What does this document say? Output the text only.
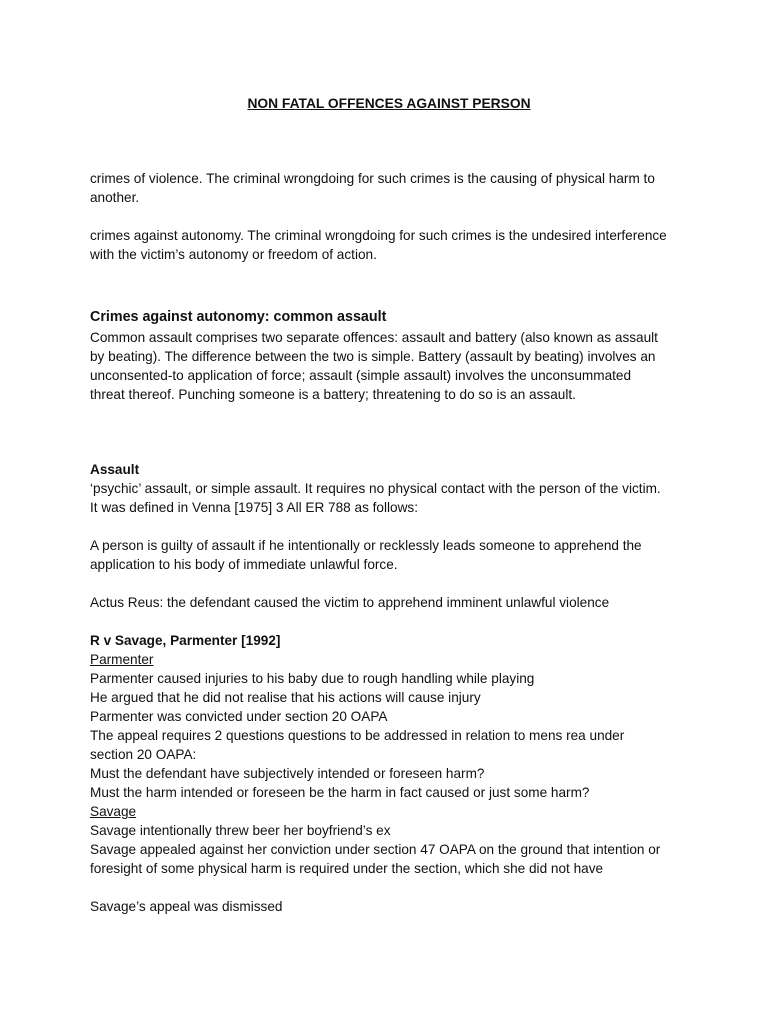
NON FATAL OFFENCES AGAINST PERSON

crimes of violence. The criminal wrongdoing for such crimes is the causing of physical harm to
another.

crimes against autonomy. The criminal wrongdoing for such crimes is the undesired interference
with the victim’s autonomy or freedom of action.

Crimes against autonomy: common assault
Common assault comprises two separate offences: assault and battery (also known as assault
by beating). The difference between the two is simple. Battery (assault by beating) involves an
unconsented-to application of force; assault (simple assault) involves the unconsummated
threat thereof. Punching someone is a battery; threatening to do so is an assault.

Assault
‘psychic’ assault, or simple assault. It requires no physical contact with the person of the victim.
It was defined in Venna [1975] 3 All ER 788 as follows:

A person is guilty of assault if he intentionally or recklessly leads someone to apprehend the
application to his body of immediate unlawful force.

Actus Reus: the defendant caused the victim to apprehend imminent unlawful violence

R v Savage, Parmenter [1992]
Parmenter
Parmenter caused injuries to his baby due to rough handling while playing
He argued that he did not realise that his actions will cause injury
Parmenter was convicted under section 20 OAPA
The appeal requires 2 questions questions to be addressed in relation to mens rea under
section 20 OAPA:
Must the defendant have subjectively intended or foreseen harm?
Must the harm intended or foreseen be the harm in fact caused or just some harm?
Savage
Savage intentionally threw beer her boyfriend’s ex
Savage appealed against her conviction under section 47 OAPA on the ground that intention or
foresight of some physical harm is required under the section, which she did not have

Savage’s appeal was dismissed
